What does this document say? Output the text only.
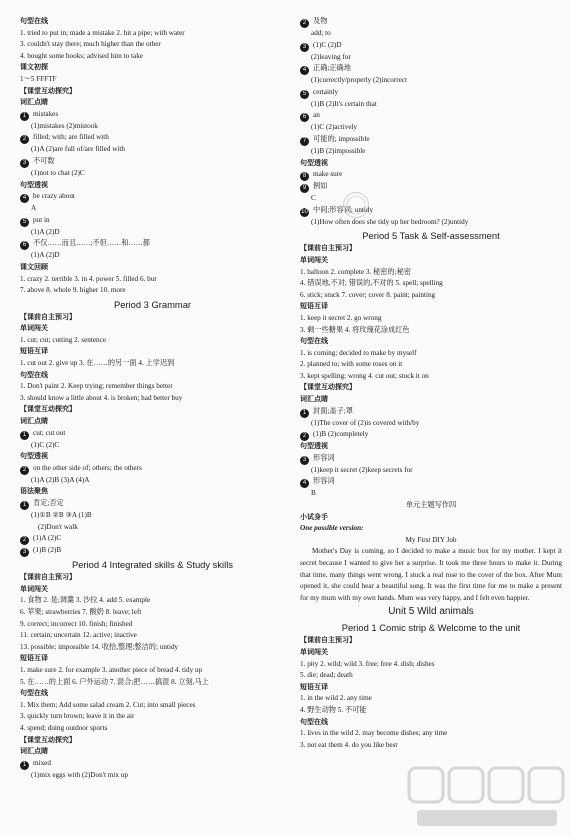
句型在线
1. tried to put in; made a mistake 2. hit a pipe; with water
3. couldn't stay there; much higher than the other
4. bought some books; advised him to take
课文初探
1～5 FFFTF
【课堂互动探究】
词汇点睛
1 mistakes
(1)mistakes (2)mistook
2 filled; with; are filled with
(1)A (2)are full of/are filled with
3 不可数
(1)not to chat (2)C
句型透视
4 be crazy about
A
5 put in
(1)A (2)D
6 不仅……而且……;不但……和……都
(1)A (2)D
课文回顾
1. crazy 2. terrible 3. in 4. power 5. filled 6. but
7. above 8. whole 9. higher 10. more
Period 3 Grammar
【课前自主预习】
单词闯关
1. cut; cut; cutting 2. sentence
短语互译
1. cut out 2. give up 3. 在……的另一面 4. 上学迟到
句型在线
1. Don't paint 2. Keep trying; remember things better
3. should know a little about 4. is broken; had better buy
【课堂互动探究】
词汇点睛
1 cut; cut out
(1)C (2)C
句型透视
2 on the other side of; others; the others
(1)A (2)B (3)A (4)A
语法聚焦
1 肯定;否定
(1)①B ②B ③A (1)B
(2)Don't walk
2 (1)A (2)C
3 (1)B (2)B
Period 4 Integrated skills & Study skills
【课前自主预习】
单词闯关
1. 食物 2. 是;调羹 3. 沙拉 4. add 5. example
6. 苹果; strawberries 7. 酸奶 8. leave; left
9. correct; incorrect 10. finish; finished
11. certain; uncertain 12. active; inactive
13. possible; impossible 14. 收拾,整理;整洁的; untidy
短语互译
1. make sure 2. for example 3. another piece of bread 4. tidy up
5. 在……的上面 6. 户外运动 7. 混合;把……搞混 8. 立刻,马上
句型在线
1. Mix them; Add some salad cream 2. Cut; into small pieces
3. quickly turn brown; leave it in the air
4. spend; doing outdoor sports
【课堂互动探究】
词汇点睛
1 mixed
(1)mix eggs with (2)Don't mix up
2 及物
add; to
3 (1)C (2)D
(2)leaving for
4 正确;正确地
(1)correctly/properly (2)incorrect
5 certainly
(1)B (2)It's certain that
6 an
(1)C (2)actively
7 可能的; impossible
(1)B (2)impossible
句型透视
8 make sure
9 例如
C
10 中间;形容词; untidy
(1)How often does she tidy up her bedroom? (2)untidy
Period 5 Task & Self-assessment
【课前自主预习】
单词闯关
1. balloon 2. complete 3. 秘密的;秘密
4. 错误地,不对; 错误的,不对的 5. spell; spelling
6. stick; stuck 7. cover; cover 8. paint; painting
短语互译
1. keep it secret 2. go wrong
3. 剩一些糖果 4. 将玫瑰花涂成红色
句型在线
1. is coming; decided to make by myself
2. planned to; with some roses on it
3. kept spelling; wrong 4. cut out; stuck it on
【课堂互动探究】
词汇点睛
1 封面;盖子;罩
(1)The cover of (2)is covered with/by
2 (1)B (2)completely
句型透视
3 形容词
(1)keep it secret (2)keep secrets for
4 形容词
B
单元主题写作四
小试身手
One possible version:
My First DIY Job
Mother's Day is coming, so I decided to make a music box for my mother. I kept it secret because I wanted to give her a surprise. It took me three hours to make it. During that time, many things went wrong. I stuck a real rose to the cover of the box. After Mum opened it, she could hear a beautiful song. It was the first time for me to make a present for my mum with my own hands. Mum was very happy, and I felt even happier.
Unit 5 Wild animals
Period 1 Comic strip & Welcome to the unit
【课前自主预习】
单词闯关
1. pity 2. wild; wild 3. free; free 4. dish; dishes
5. die; dead; death
短语互译
1. in the wild 2. any time
4. 野生动物 5. 不可能
句型在线
1. lives in the wild 2. may become dishes; any time
3. not eat them 4. do you like best
